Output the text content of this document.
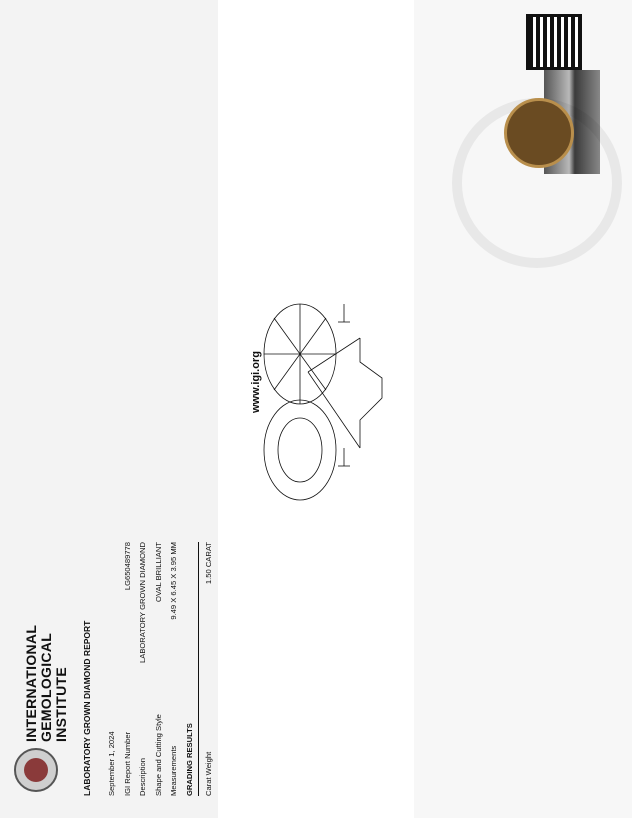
INTERNATIONAL GEMOLOGICAL INSTITUTE LABORATORY GROWN DIAMOND REPORT September 1, 2024 IGI Report Number
LG650489778
Description
LABORATORY GROWN DIAMOND
Shape and Cutting Style
OVAL BRILLIANT
Measurements
9.49 X 6.45 X 3.95 MM
GRADING RESULTS	Carat Weight
1.50 CARAT
www.igi.org
